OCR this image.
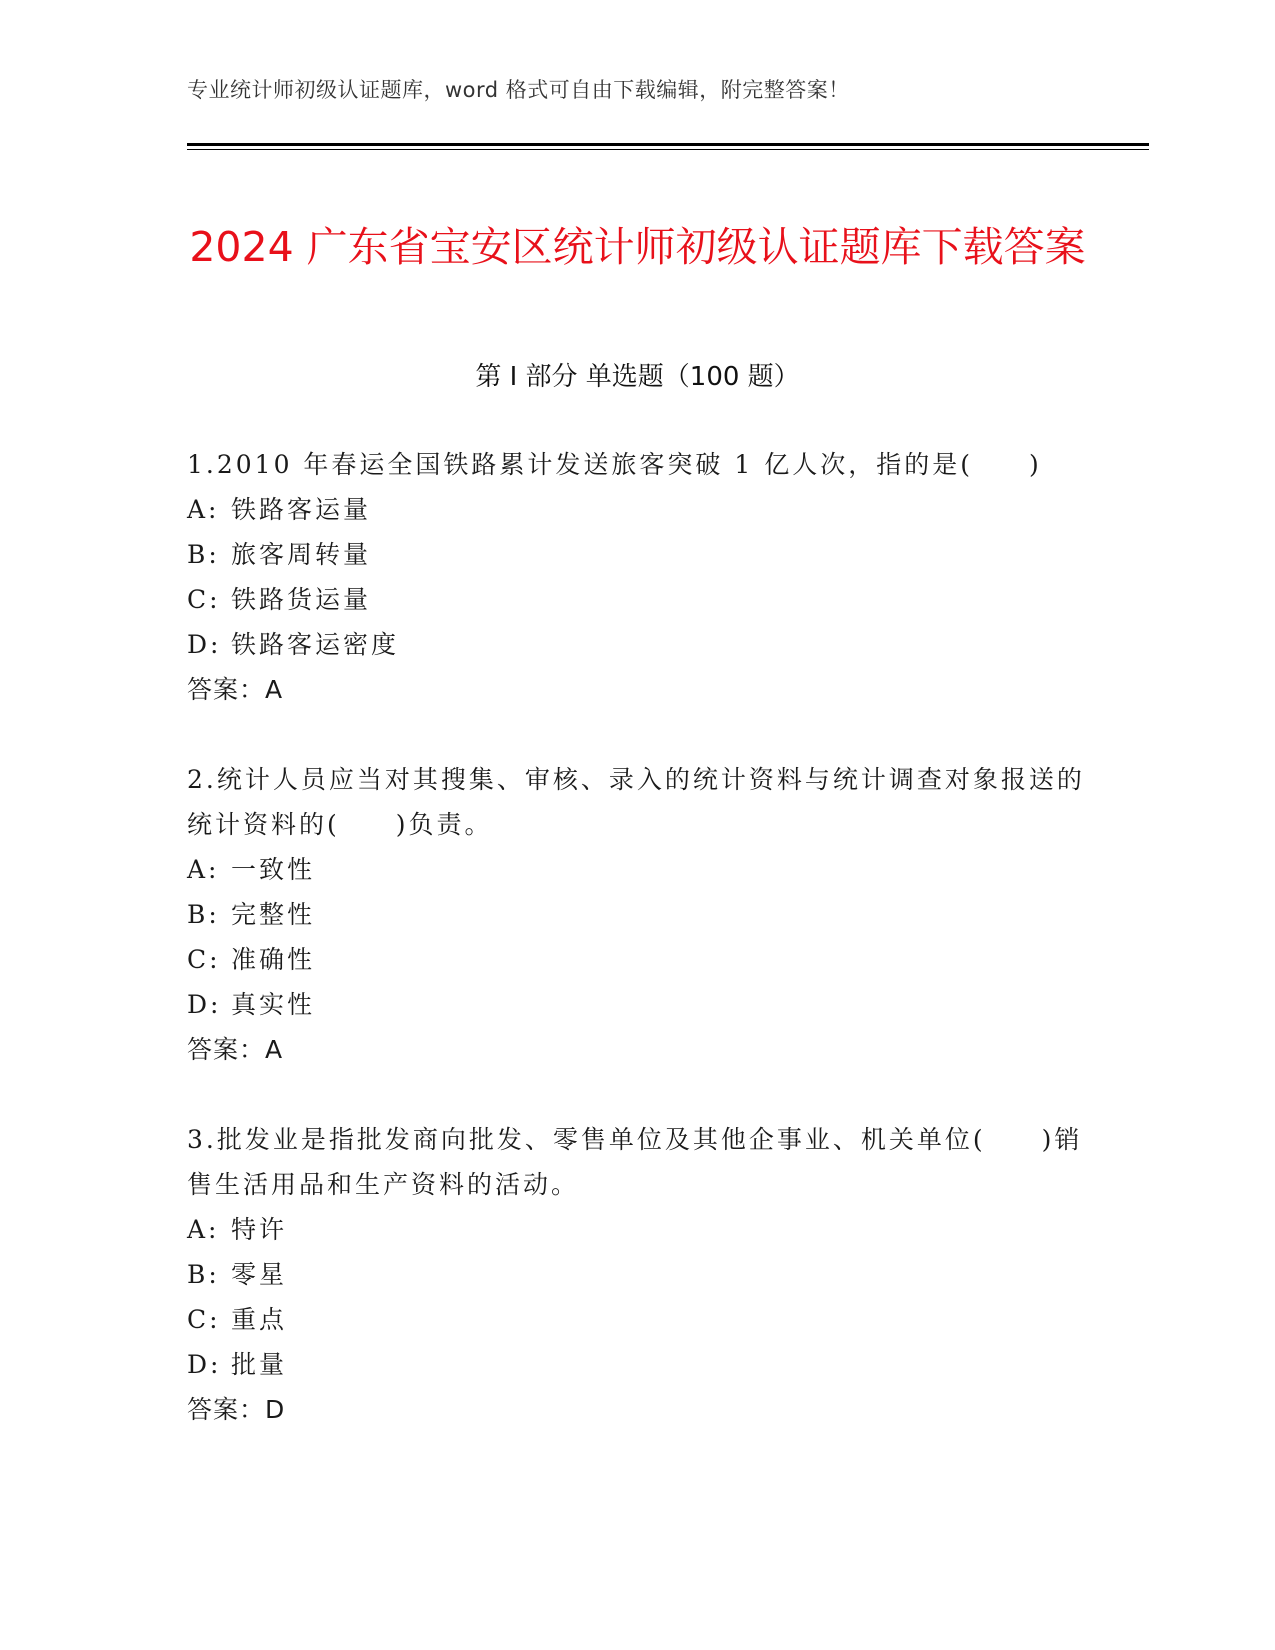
专业统计师初级认证题库，word 格式可自由下载编辑，附完整答案！
2024 广东省宝安区统计师初级认证题库下载答案
第 I 部分 单选题（100 题）

1.2010 年春运全国铁路累计发送旅客突破 1 亿人次，指的是(　　)

A: 铁路客运量

B: 旅客周转量

C: 铁路货运量

D: 铁路客运密度

答案：A

2.统计人员应当对其搜集、审核、录入的统计资料与统计调查对象报送的统计资料的(　　)负责。

A: 一致性

B: 完整性

C: 准确性

D: 真实性

答案：A

3.批发业是指批发商向批发、零售单位及其他企事业、机关单位(　　)销售生活用品和生产资料的活动。

A: 特许

B: 零星

C: 重点

D: 批量

答案：D
